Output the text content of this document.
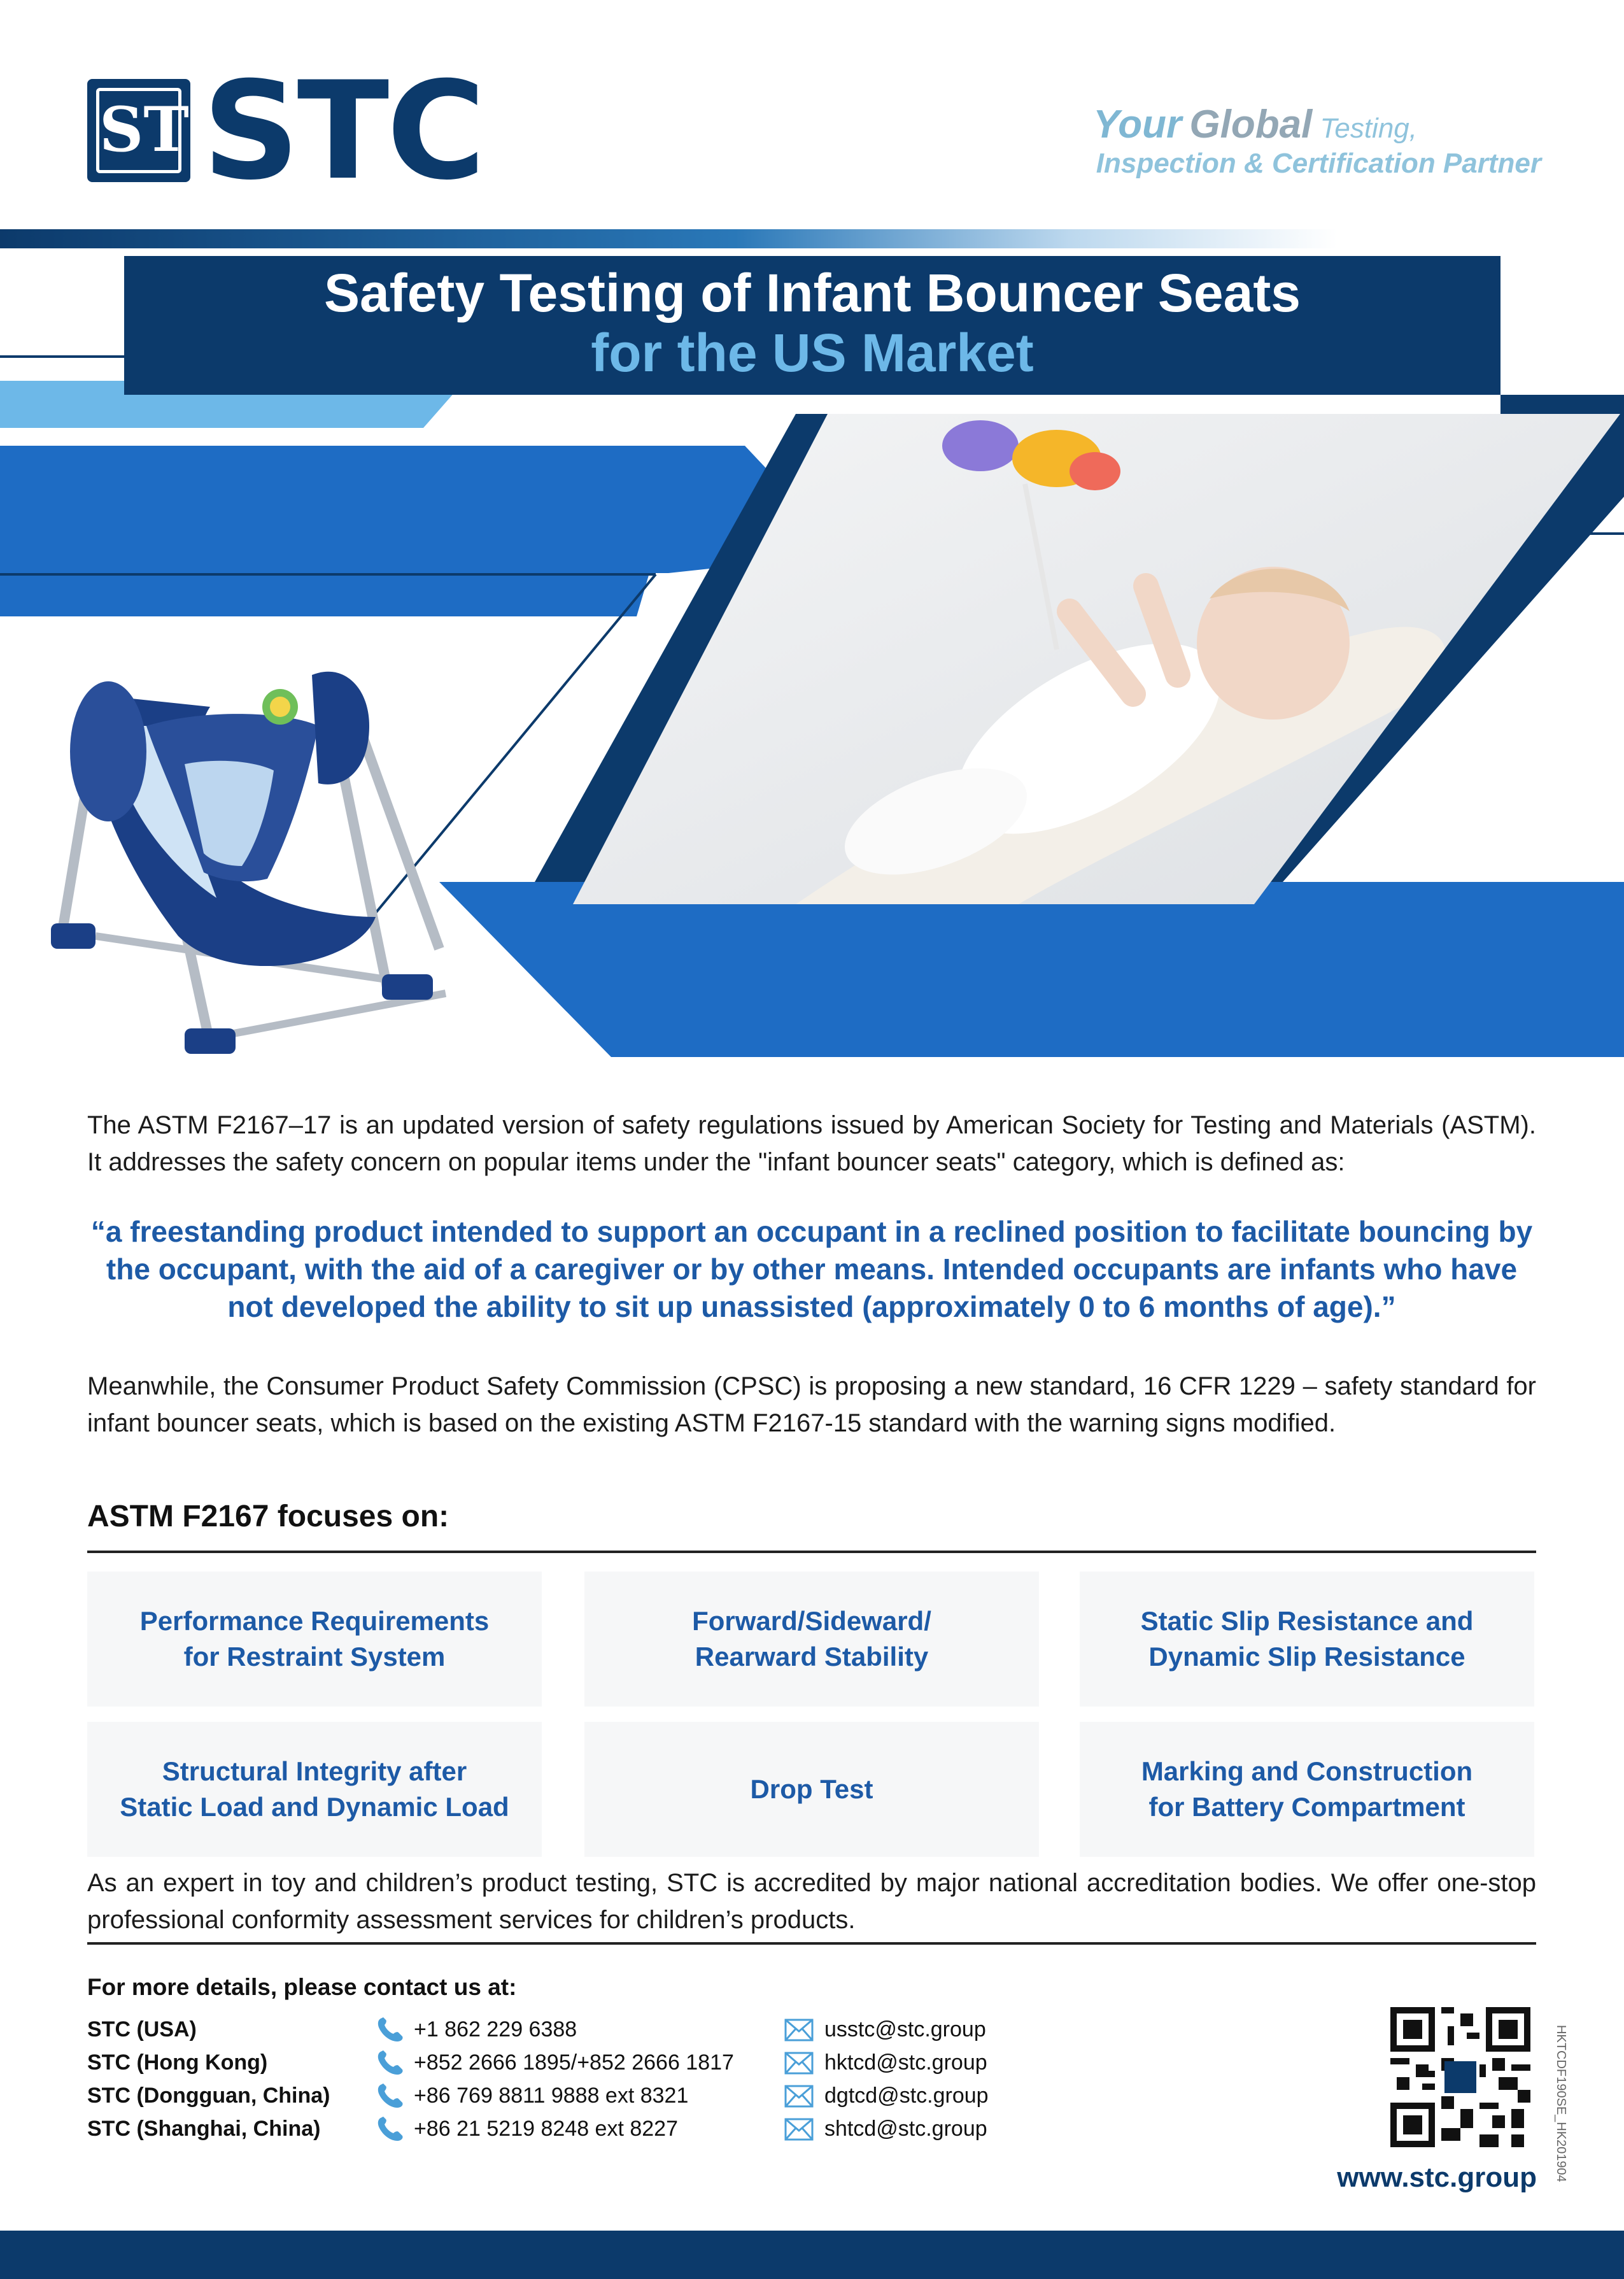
STC
STC	Your Global Testing,
Inspection & Certification Partner
Safety Testing of Infant Bouncer Seats
for the US Market
The ASTM F2167–17 is an updated version of safety regulations issued by American Society for Testing and Materials (ASTM). It addresses the safety concern on popular items under the "infant bouncer seats" category, which is defined as:
“a freestanding product intended to support an occupant in a reclined position to facilitate bouncing by the occupant, with the aid of a caregiver or by other means. Intended occupants are infants who have not developed the ability to sit up unassisted (approximately 0 to 6 months of age).”
Meanwhile, the Consumer Product Safety Commission (CPSC) is proposing a new standard, 16 CFR 1229 – safety standard for infant bouncer seats, which is based on the existing ASTM F2167-15 standard with the warning signs modified.
ASTM F2167 focuses on:
Performance Requirements
for Restraint System
Forward/Sideward/
Rearward Stability
Static Slip Resistance and
Dynamic Slip Resistance
Structural Integrity after
Static Load and Dynamic Load
Drop Test
Marking and Construction
for Battery Compartment
As an expert in toy and children’s product testing, STC is accredited by major national accreditation bodies. We offer one-stop professional conformity assessment services for children’s products.
For more details, please contact us at:
STC (USA)
STC (Hong Kong)
STC (Dongguan, China)
STC (Shanghai, China)
+1 862 229 6388
+852 2666 1895/+852 2666 1817
+86 769 8811 9888 ext 8321
+86 21 5219 8248 ext 8227
usstc@stc.group
hktcd@stc.group
dgtcd@stc.group
shtcd@stc.group
www.stc.group HKTCDF190SE_HK201904
